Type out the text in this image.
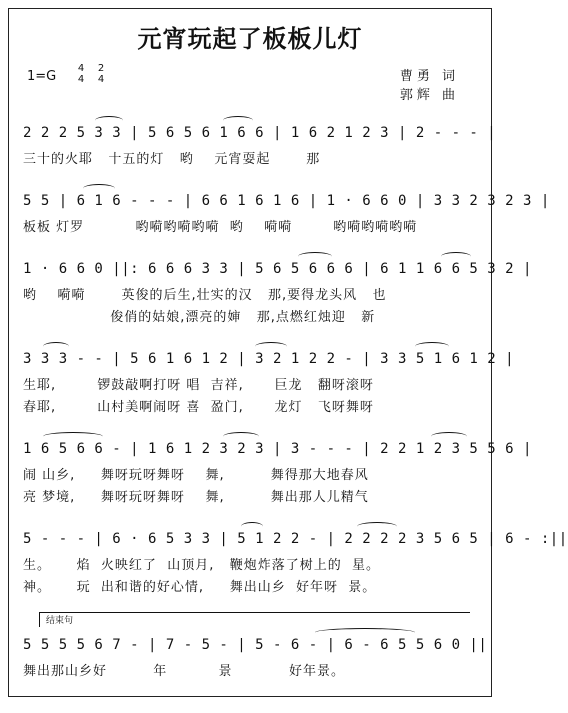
元宵玩起了板板儿灯
1=G
4
4
2
4	曹勇 词
郭辉 曲
2 2 2 5 3 3 | 5 6 5 6 1 6 6 | 1 6 2 1 2 3 | 2 - - - |
三十的火耶   十五的灯   哟    元宵耍起       那
5 5 | 6 1 6 - - - | 6 6 1 6 1 6 | 1 · 6 6 0 | 3 3 2 3 2 3 |
板板 灯罗          哟嗬哟嗬哟嗬  哟    嗬嗬        哟嗬哟嗬哟嗬
1 · 6 6 0 ||: 6 6 6 3 3 | 5 6 5 6 6 6 | 6 1 1 6 6 5 3 2 |
哟    嗬嗬       英俊的后生,壮实的汉   那,要得龙头风   也
俊俏的姑娘,漂亮的婶   那,点燃红烛迎   新
3 3 3 - - | 5 6 1 6 1 2 | 3 2 1 2 2 - | 3 3 5 1 6 1 2 |
生耶,        锣鼓敲啊打呀 唱  吉祥,      巨龙   翻呀滚呀
春耶,        山村美啊闹呀 喜  盈门,      龙灯   飞呀舞呀
1 6 5 6 6 - | 1 6 1 2 3 2 3 | 3 - - - | 2 2 1 2 3 5 5 6 |
闹 山乡,     舞呀玩呀舞呀    舞,         舞得那大地春风
亮 梦境,     舞呀玩呀舞呀    舞,         舞出那人儿精气
5 - - - | 6 · 6 5 3 3 | 5 1 2 2 - | 2 2 2 2 3 5 6 5 | 6 - :||
生。     焰  火映红了  山顶月,   鞭炮炸落了树上的  星。
神。     玩  出和谐的好心情,     舞出山乡  好年呀  景。
结束句
5 5 5 5 6 7 - | 7 - 5 - | 5 - 6 - | 6 - 6 5 5 6 0 ||
舞出那山乡好         年          景           好年景。
